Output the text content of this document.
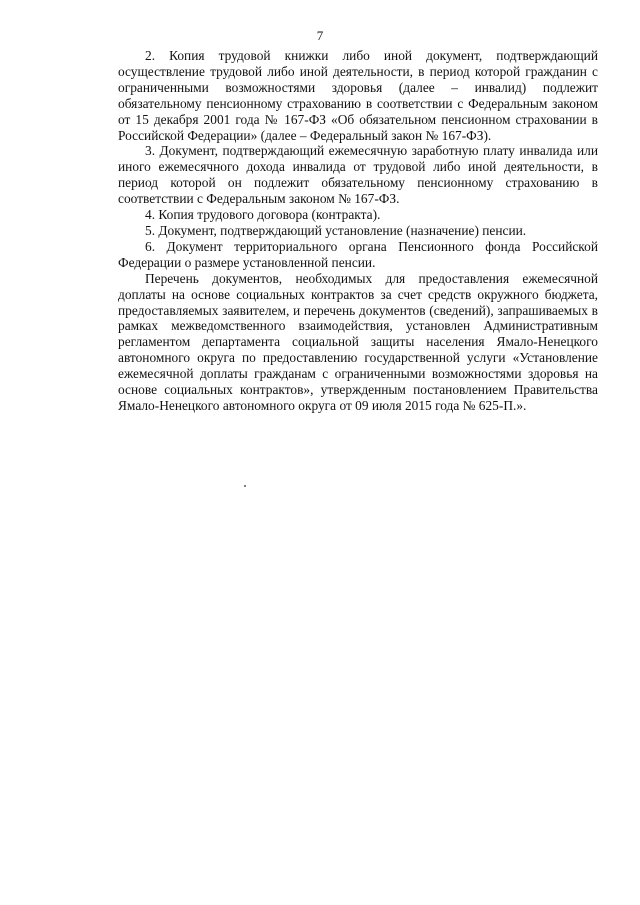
7

2. Копия трудовой книжки либо иной документ, подтверждающий осуществление трудовой либо иной деятельности, в период которой гражданин с ограниченными возможностями здоровья (далее – инвалид) подлежит обязательному пенсионному страхованию в соответствии с Федеральным законом от 15 декабря 2001 года № 167-ФЗ «Об обязательном пенсионном страховании в Российской Федерации» (далее – Федеральный закон № 167-ФЗ).

3. Документ, подтверждающий ежемесячную заработную плату инвалида или иного ежемесячного дохода инвалида от трудовой либо иной деятельности, в период которой он подлежит обязательному пенсионному страхованию в соответствии с Федеральным законом № 167-ФЗ.

4. Копия трудового договора (контракта).

5. Документ, подтверждающий установление (назначение) пенсии.

6. Документ территориального органа Пенсионного фонда Российской Федерации о размере установленной пенсии.

Перечень документов, необходимых для предоставления ежемесячной доплаты на основе социальных контрактов за счет средств окружного бюджета, предоставляемых заявителем, и перечень документов (сведений), запрашиваемых в рамках межведомственного взаимодействия, установлен Административным регламентом департамента социальной защиты населения Ямало-Ненецкого автономного округа по предоставлению государственной услуги «Установление ежемесячной доплаты гражданам с ограниченными возможностями здоровья на основе социальных контрактов», утвержденным постановлением Правительства Ямало-Ненецкого автономного округа от 09 июля 2015 года № 625-П.».
